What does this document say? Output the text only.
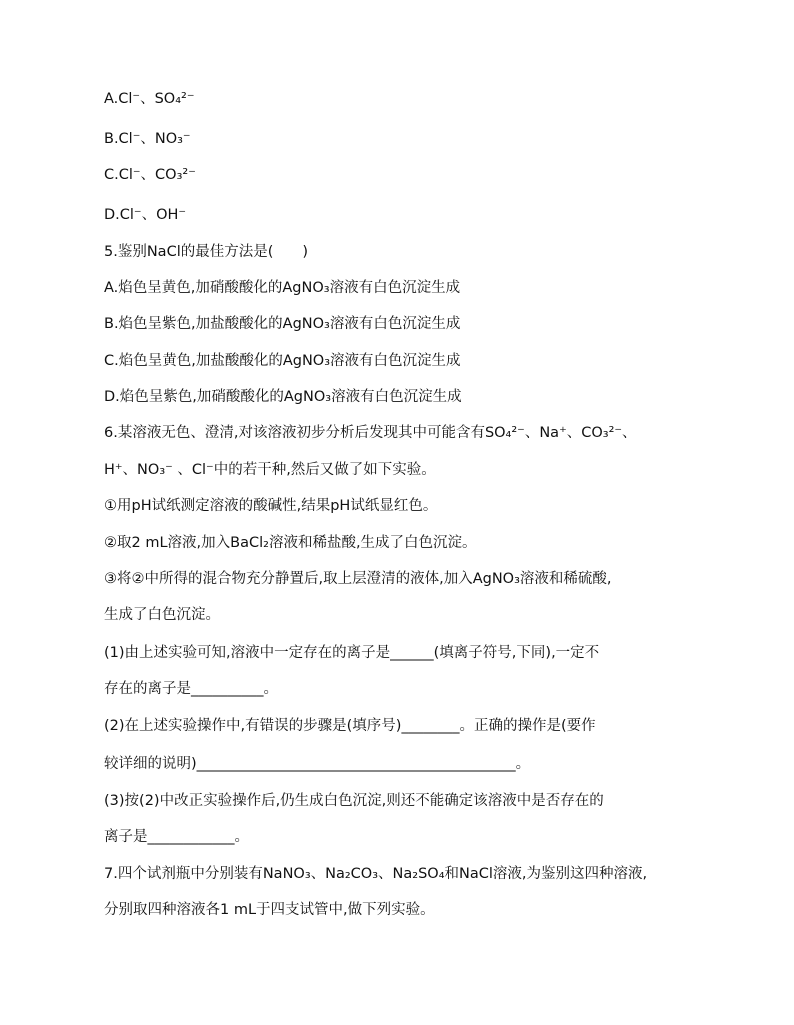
A.Cl⁻、SO₄²⁻
B.Cl⁻、NO₃⁻
C.Cl⁻、CO₃²⁻
D.Cl⁻、OH⁻
5.鉴别NaCl的最佳方法是(　　)
A.焰色呈黄色,加硝酸酸化的AgNO₃溶液有白色沉淀生成
B.焰色呈紫色,加盐酸酸化的AgNO₃溶液有白色沉淀生成
C.焰色呈黄色,加盐酸酸化的AgNO₃溶液有白色沉淀生成
D.焰色呈紫色,加硝酸酸化的AgNO₃溶液有白色沉淀生成
6.某溶液无色、澄清,对该溶液初步分析后发现其中可能含有SO₄²⁻、Na⁺、CO₃²⁻、
H⁺、NO₃⁻ 、Cl⁻中的若干种,然后又做了如下实验。
①用pH试纸测定溶液的酸碱性,结果pH试纸显红色。
②取2 mL溶液,加入BaCl₂溶液和稀盐酸,生成了白色沉淀。
③将②中所得的混合物充分静置后,取上层澄清的液体,加入AgNO₃溶液和稀硫酸,
生成了白色沉淀。
(1)由上述实验可知,溶液中一定存在的离子是______(填离子符号,下同),一定不
存在的离子是__________。
(2)在上述实验操作中,有错误的步骤是(填序号)________。正确的操作是(要作
较详细的说明)____________________________________________。
(3)按(2)中改正实验操作后,仍生成白色沉淀,则还不能确定该溶液中是否存在的
离子是____________。
7.四个试剂瓶中分别装有NaNO₃、Na₂CO₃、Na₂SO₄和NaCl溶液,为鉴别这四种溶液,
分别取四种溶液各1 mL于四支试管中,做下列实验。
